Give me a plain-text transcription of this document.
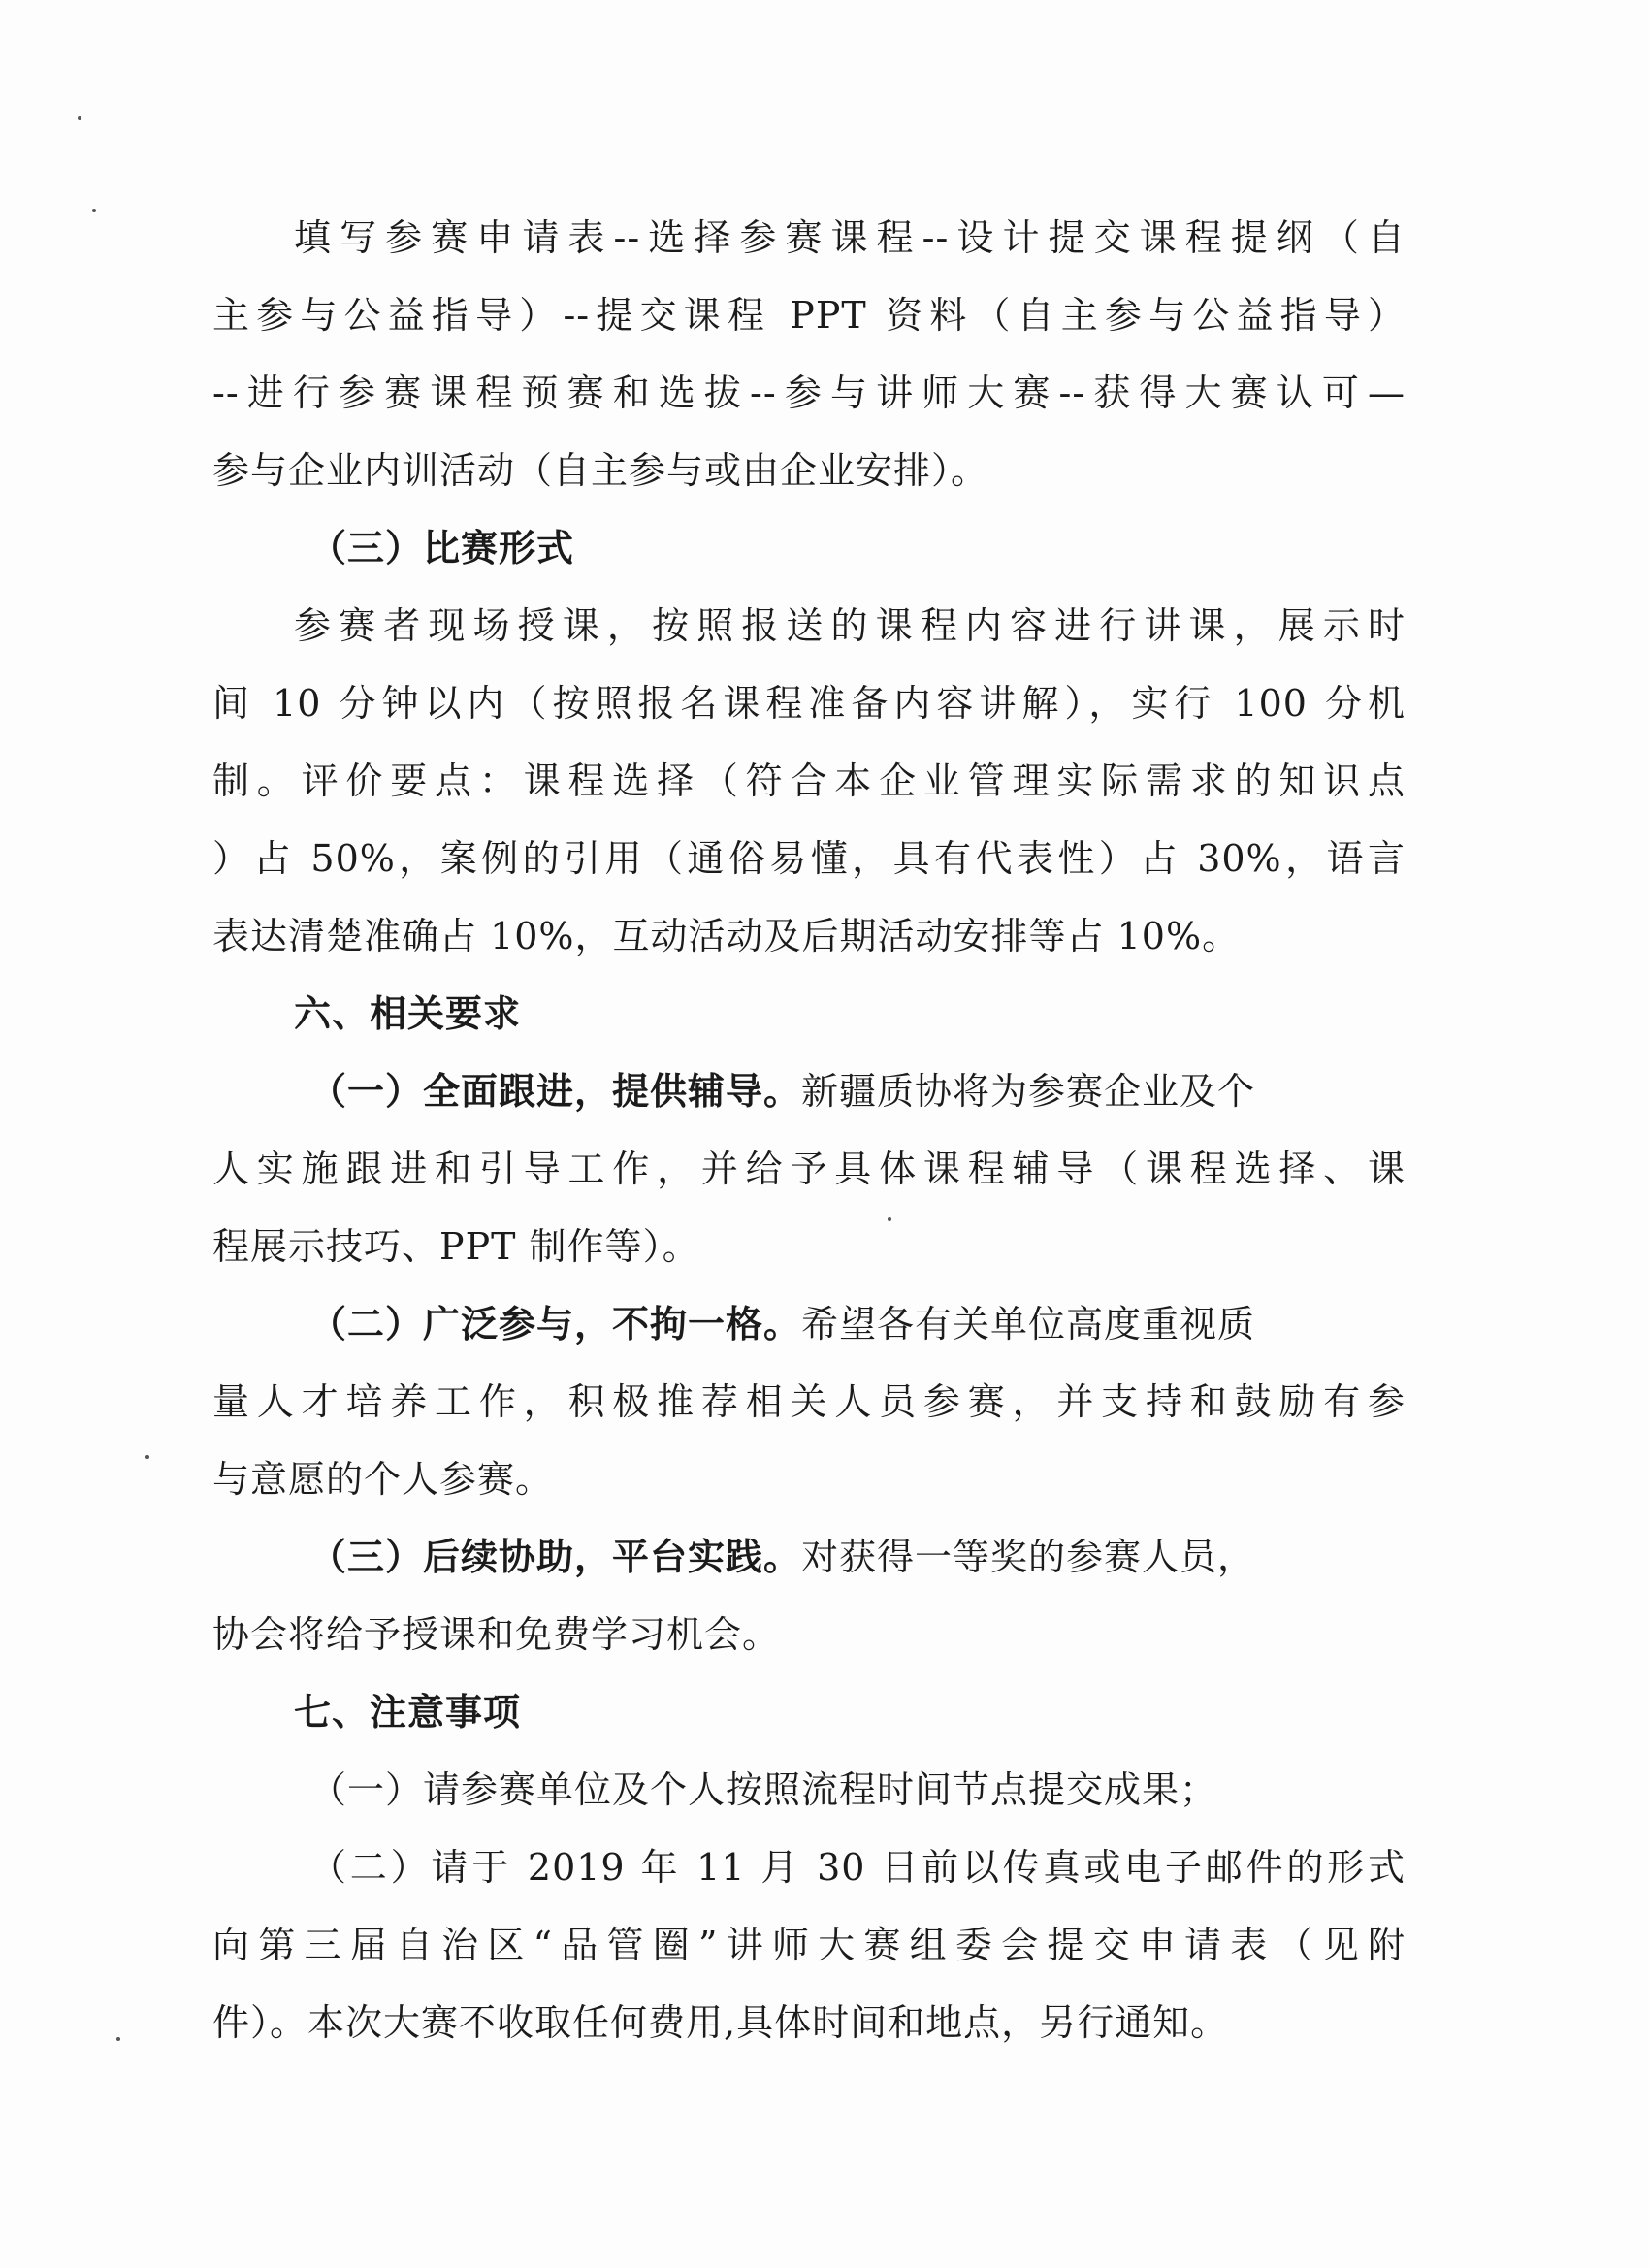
填写参赛申请表--选择参赛课程--设计提交课程提纲（自
主参与公益指导）--提交课程 PPT 资料（自主参与公益指导）
--进行参赛课程预赛和选拔--参与讲师大赛--获得大赛认可—
参与企业内训活动（自主参与或由企业安排）。
（三）比赛形式
参赛者现场授课，按照报送的课程内容进行讲课，展示时
间 10 分钟以内（按照报名课程准备内容讲解），实行 100 分机
制。评价要点：课程选择（符合本企业管理实际需求的知识点
）占 50%，案例的引用（通俗易懂，具有代表性）占 30%，语言
表达清楚准确占 10%，互动活动及后期活动安排等占 10%。
六、相关要求
（一）全面跟进，提供辅导。新疆质协将为参赛企业及个
人实施跟进和引导工作，并给予具体课程辅导（课程选择、课
程展示技巧、PPT 制作等）。
（二）广泛参与，不拘一格。希望各有关单位高度重视质
量人才培养工作，积极推荐相关人员参赛，并支持和鼓励有参
与意愿的个人参赛。
（三）后续协助，平台实践。对获得一等奖的参赛人员，
协会将给予授课和免费学习机会。
七、注意事项
（一）请参赛单位及个人按照流程时间节点提交成果；
（二）请于 2019 年 11 月 30 日前以传真或电子邮件的形式
向第三届自治区“品管圈”讲师大赛组委会提交申请表（见附
件）。本次大赛不收取任何费用,具体时间和地点，另行通知。
